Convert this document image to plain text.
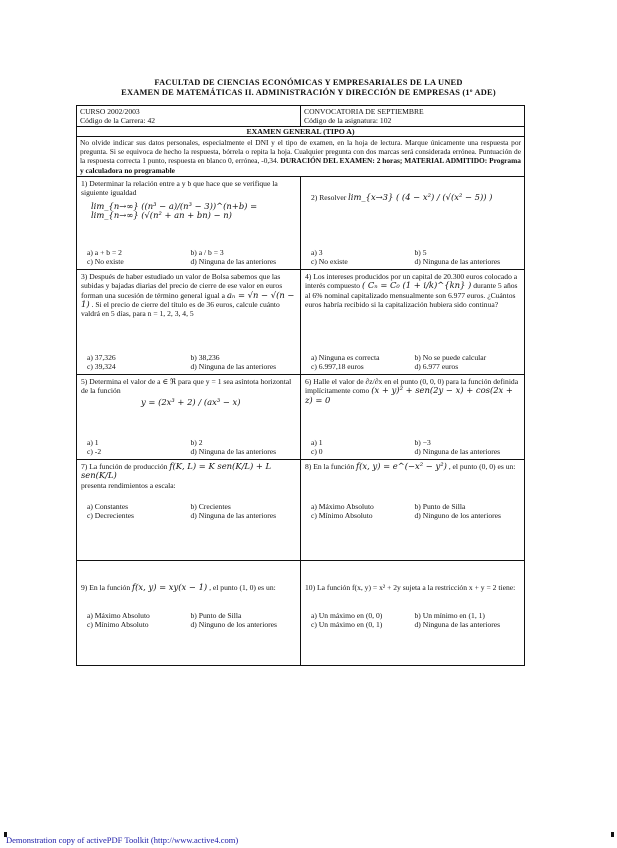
FACULTAD DE CIENCIAS ECONÓMICAS Y EMPRESARIALES DE LA UNED
EXAMEN DE MATEMÁTICAS II. ADMINISTRACIÓN Y DIRECCIÓN DE EMPRESAS (1º ADE)
CURSO 2002/2003
Código de la Carrera: 42
CONVOCATORIA DE SEPTIEMBRE
Código de la asignatura: 102
EXAMEN GENERAL (TIPO A)
No olvide indicar sus datos personales, especialmente el DNI y el tipo de examen, en la hoja de lectura. Marque únicamente una respuesta por pregunta. Si se equivoca de hecho la respuesta, bórrela o repita la hoja. Cualquier pregunta con dos marcas será considerada errónea. Puntuación de la respuesta correcta 1 punto, respuesta en blanco 0, errónea, -0,34. DURACIÓN DEL EXAMEN: 2 horas; MATERIAL ADMITIDO: Programa y calculadora no programable
1) Determinar la relación entre a y b que hace que se verifique la siguiente igualdad
lim_{n→∞} ((n³ − a)/(n³ − 3))^(n+b) = lim_{n→∞} (√(n² + an + bn) − n)
a) a + b = 2	b) a / b = 3
c) No existe	d) Ninguna de las anteriores
2) Resolver lim_{x→3} ( (4 − x²) / (√(x² − 5)) )
a) 3	b) 5
c) No existe	d) Ninguna de las anteriores
3) Después de haber estudiado un valor de Bolsa sabemos que las subidas y bajadas diarias del precio de cierre de ese valor en euros forman una sucesión de término general igual a aₙ = √n − √(n − 1) . Si el precio de cierre del título es de 36 euros, calcule cuánto valdrá en 5 días, para n = 1, 2, 3, 4, 5
a) 37,326	b) 38,236
c) 39,324	d) Ninguna de las anteriores
4) Los intereses producidos por un capital de 20.300 euros colocado a interés compuesto ( Cₙ = C₀ (1 + i/k)^{kn} ) durante 5 años al 6% nominal capitalizado mensualmente son 6.977 euros. ¿Cuántos euros habría recibido si la capitalización hubiera sido continua?
a) Ninguna es correcta	b) No se puede calcular
c) 6.997,18 euros	d) 6.977 euros
5) Determina el valor de a ∈ ℜ para que y = 1 sea asíntota horizontal de la función
y = (2x³ + 2) / (ax³ − x)
a) 1	b) 2
c) -2	d) Ninguna de las anteriores
6) Halle el valor de ∂z/∂x en el punto (0, 0, 0) para la función definida implícitamente como (x + y)² + sen(2y − x) + cos(2x + z) = 0
a) 1	b) −3
c) 0	d) Ninguna de las anteriores
7) La función de producción f(K, L) = K sen(K/L) + L sen(K/L)
presenta rendimientos a escala:
a) Constantes	b) Crecientes
c) Decrecientes	d) Ninguna de las anteriores
8) En la función f(x, y) = e^(−x² − y²) , el punto (0, 0) es un:
a) Máximo Absoluto	b) Punto de Silla
c) Mínimo Absoluto	d) Ninguno de los anteriores
9) En la función f(x, y) = xy(x − 1) , el punto (1, 0) es un:
a) Máximo Absoluto	b) Punto de Silla
c) Mínimo Absoluto	d) Ninguno de los anteriores
10) La función f(x, y) = x² + 2y sujeta a la restricción x + y = 2 tiene:
a) Un máximo en (0, 0)	b) Un mínimo en (1, 1)
c) Un máximo en (0, 1)	d) Ninguna de las anteriores
Demonstration copy of activePDF Toolkit (http://www.active4.com)
